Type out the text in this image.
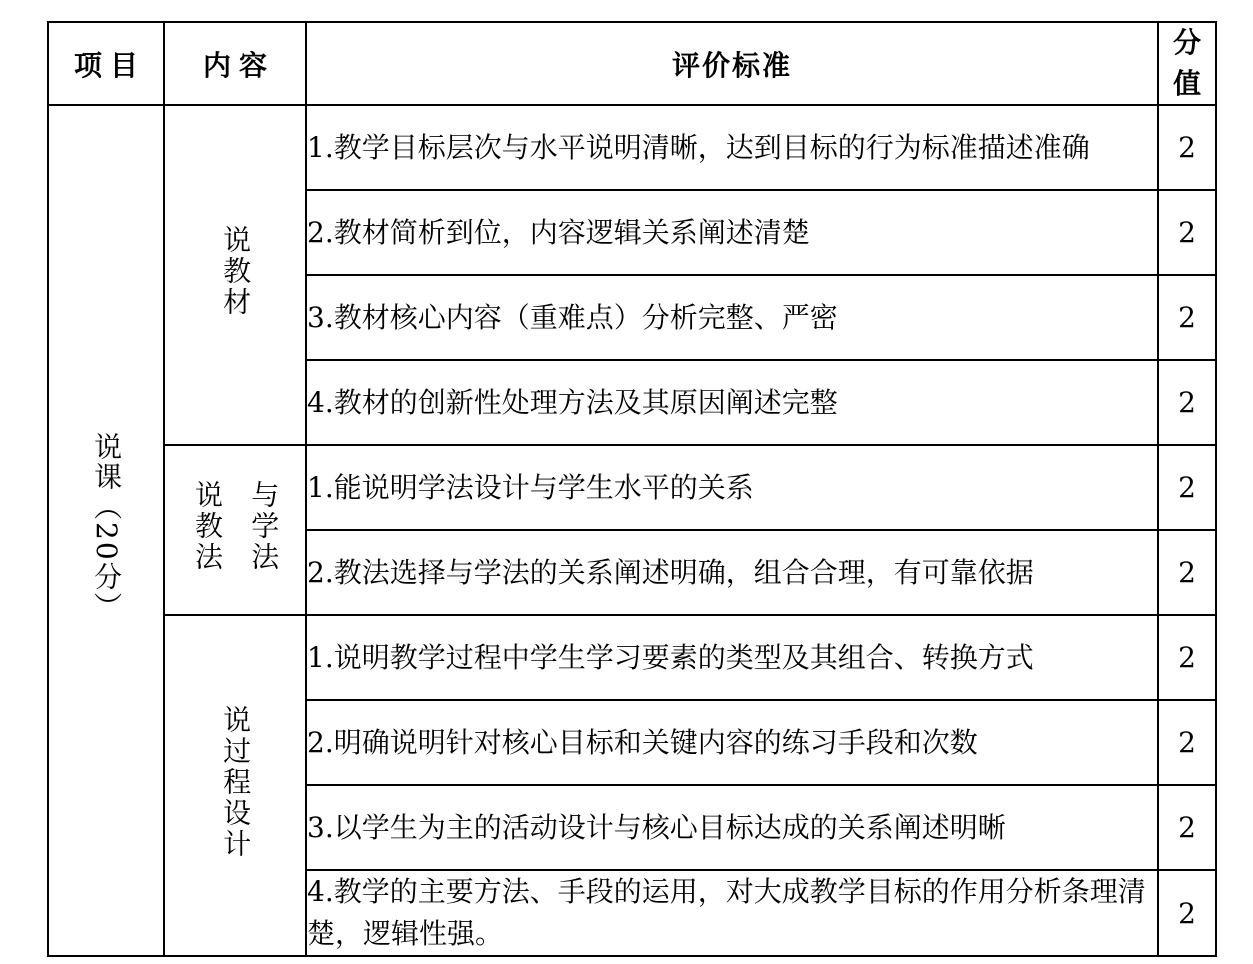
项目	内容	评价标准	分值

说课（20分）	说教材	1.教学目标层次与水平说明清晰，达到目标的行为标准描述准确	2
		2.教材简析到位，内容逻辑关系阐述清楚	2
		3.教材核心内容（重难点）分析完整、严密	2
		4.教材的创新性处理方法及其原因阐述完整	2

	说教法 与学法	1.能说明学法设计与学生水平的关系	2
		2.教法选择与学法的关系阐述明确，组合合理，有可靠依据	2
	说过程设计	1.说明教学过程中学生学习要素的类型及其组合、转换方式	2
		2.明确说明针对核心目标和关键内容的练习手段和次数	2
		3.以学生为主的活动设计与核心目标达成的关系阐述明晰	2
		4.教学的主要方法、手段的运用，对大成教学目标的作用分析条理清楚，逻辑性强。	2
